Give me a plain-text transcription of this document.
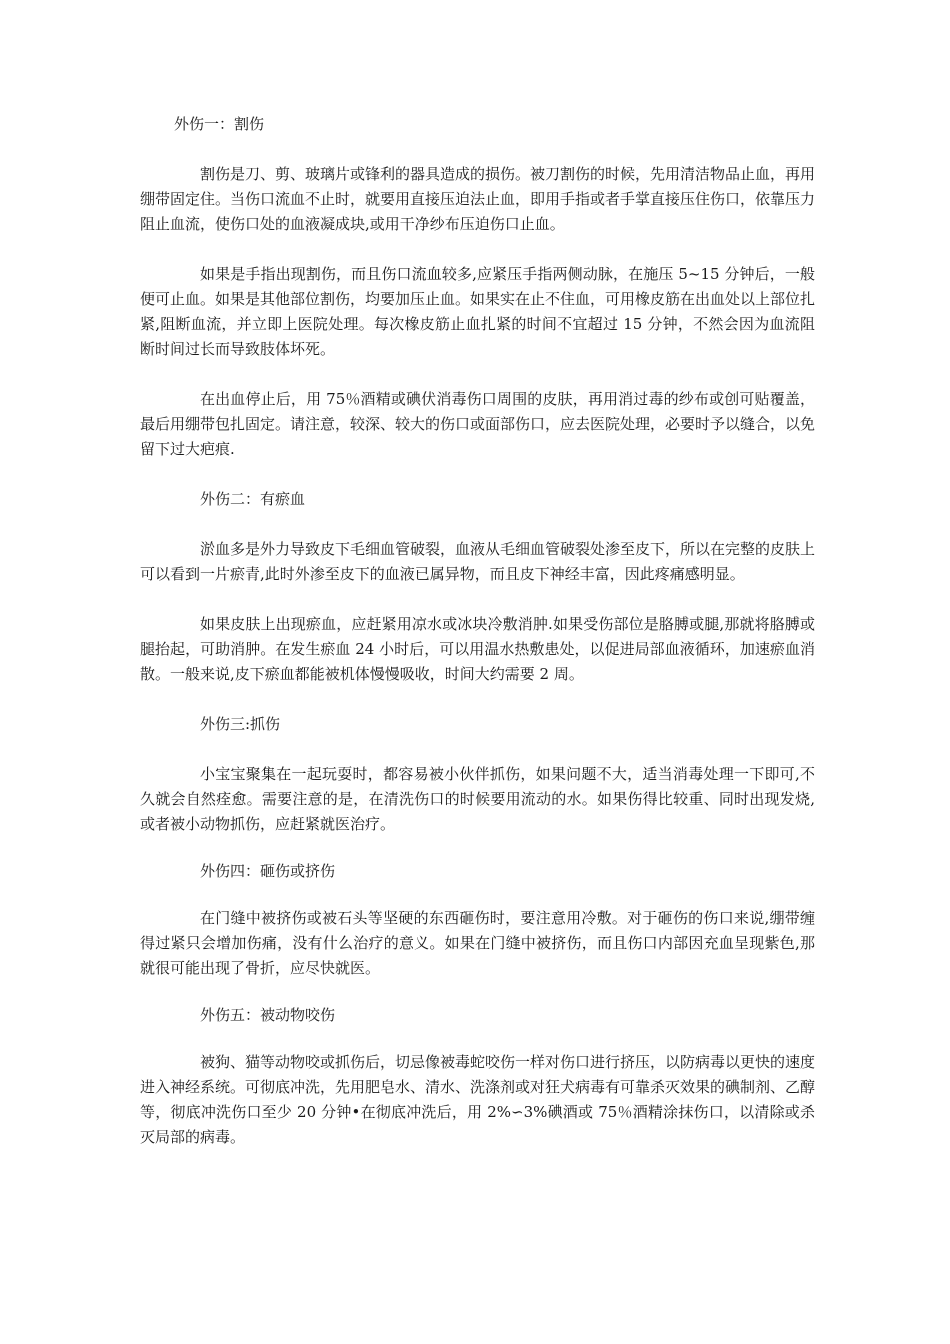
外伤一：割伤

割伤是刀、剪、玻璃片或锋利的器具造成的损伤。被刀割伤的时候，先用清洁物品止血，再用绷带固定住。当伤口流血不止时，就要用直接压迫法止血，即用手指或者手掌直接压住伤口，依靠压力阻止血流，使伤口处的血液凝成块,或用干净纱布压迫伤口止血。

如果是手指出现割伤，而且伤口流血较多,应紧压手指两侧动脉，在施压 5~15 分钟后，一般便可止血。如果是其他部位割伤，均要加压止血。如果实在止不住血，可用橡皮筋在出血处以上部位扎紧,阻断血流，并立即上医院处理。每次橡皮筋止血扎紧的时间不宜超过 15 分钟，不然会因为血流阻断时间过长而导致肢体坏死。

在出血停止后，用 75％酒精或碘伏消毒伤口周围的皮肤，再用消过毒的纱布或创可贴覆盖，最后用绷带包扎固定。请注意，较深、较大的伤口或面部伤口，应去医院处理，必要时予以缝合，以免留下过大疤痕.

外伤二：有瘀血

淤血多是外力导致皮下毛细血管破裂，血液从毛细血管破裂处渗至皮下，所以在完整的皮肤上可以看到一片瘀青,此时外渗至皮下的血液已属异物，而且皮下神经丰富，因此疼痛感明显。

如果皮肤上出现瘀血，应赶紧用凉水或冰块冷敷消肿.如果受伤部位是胳膊或腿,那就将胳膊或腿抬起，可助消肿。在发生瘀血 24 小时后，可以用温水热敷患处，以促进局部血液循环，加速瘀血消散。一般来说,皮下瘀血都能被机体慢慢吸收，时间大约需要 2 周。

外伤三:抓伤

小宝宝聚集在一起玩耍时，都容易被小伙伴抓伤，如果问题不大，适当消毒处理一下即可,不久就会自然痊愈。需要注意的是，在清洗伤口的时候要用流动的水。如果伤得比较重、同时出现发烧,或者被小动物抓伤，应赶紧就医治疗。

外伤四：砸伤或挤伤

在门缝中被挤伤或被石头等坚硬的东西砸伤时，要注意用冷敷。对于砸伤的伤口来说,绷带缠得过紧只会增加伤痛，没有什么治疗的意义。如果在门缝中被挤伤，而且伤口内部因充血呈现紫色,那就很可能出现了骨折，应尽快就医。

外伤五：被动物咬伤

被狗、猫等动物咬或抓伤后，切忌像被毒蛇咬伤一样对伤口进行挤压，以防病毒以更快的速度进入神经系统。可彻底冲洗，先用肥皂水、清水、洗涤剂或对狂犬病毒有可靠杀灭效果的碘制剂、乙醇等，彻底冲洗伤口至少 20 分钟•在彻底冲洗后，用 2%∽3%碘酒或 75％酒精涂抹伤口，以清除或杀灭局部的病毒。
